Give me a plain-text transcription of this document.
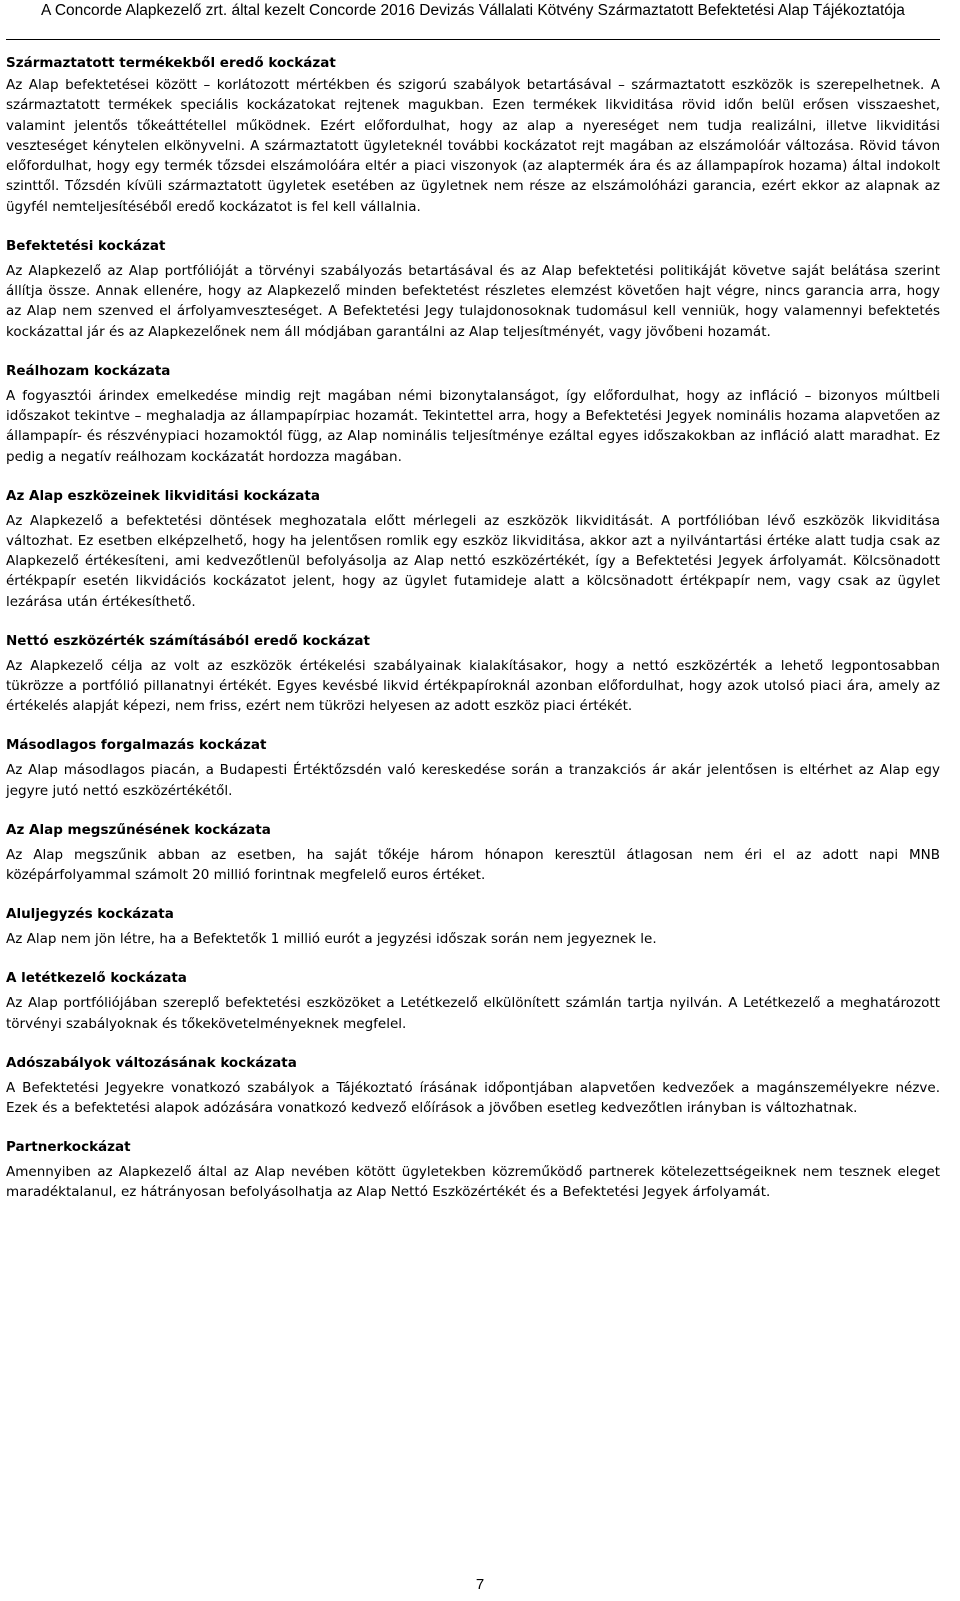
A Concorde Alapkezelő zrt. által kezelt Concorde 2016 Devizás Vállalati Kötvény Származtatott Befektetési Alap Tájékoztatója
Származtatott termékekből eredő kockázat

Az Alap befektetései között – korlátozott mértékben és szigorú szabályok betartásával – származtatott eszközök is szerepelhetnek. A származtatott termékek speciális kockázatokat rejtenek magukban. Ezen termékek likviditása rövid időn belül erősen visszaeshet, valamint jelentős tőkeáttétellel működnek. Ezért előfordulhat, hogy az alap a nyereséget nem tudja realizálni, illetve likviditási veszteséget kénytelen elkönyvelni. A származtatott ügyleteknél további kockázatot rejt magában az elszámolóár változása. Rövid távon előfordulhat, hogy egy termék tőzsdei elszámolóára eltér a piaci viszonyok (az alaptermék ára és az állampapírok hozama) által indokolt szinttől. Tőzsdén kívüli származtatott ügyletek esetében az ügyletnek nem része az elszámolóházi garancia, ezért ekkor az alapnak az ügyfél nemteljesítéséből eredő kockázatot is fel kell vállalnia.

Befektetési kockázat

Az Alapkezelő az Alap portfólióját a törvényi szabályozás betartásával és az Alap befektetési politikáját követve saját belátása szerint állítja össze. Annak ellenére, hogy az Alapkezelő minden befektetést részletes elemzést követően hajt végre, nincs garancia arra, hogy az Alap nem szenved el árfolyamveszteséget. A Befektetési Jegy tulajdonosoknak tudomásul kell venniük, hogy valamennyi befektetés kockázattal jár és az Alapkezelőnek nem áll módjában garantálni az Alap teljesítményét, vagy jövőbeni hozamát.

Reálhozam kockázata

A fogyasztói árindex emelkedése mindig rejt magában némi bizonytalanságot, így előfordulhat, hogy az infláció – bizonyos múltbeli időszakot tekintve – meghaladja az állampapírpiac hozamát. Tekintettel arra, hogy a Befektetési Jegyek nominális hozama alapvetően az állampapír- és részvénypiaci hozamoktól függ, az Alap nominális teljesítménye ezáltal egyes időszakokban az infláció alatt maradhat. Ez pedig a negatív reálhozam kockázatát hordozza magában.

Az Alap eszközeinek likviditási kockázata

Az Alapkezelő a befektetési döntések meghozatala előtt mérlegeli az eszközök likviditását. A portfólióban lévő eszközök likviditása változhat. Ez esetben elképzelhető, hogy ha jelentősen romlik egy eszköz likviditása, akkor azt a nyilvántartási értéke alatt tudja csak az Alapkezelő értékesíteni, ami kedvezőtlenül befolyásolja az Alap nettó eszközértékét, így a Befektetési Jegyek árfolyamát. Kölcsönadott értékpapír esetén likvidációs kockázatot jelent, hogy az ügylet futamideje alatt a kölcsönadott értékpapír nem, vagy csak az ügylet lezárása után értékesíthető.

Nettó eszközérték számításából eredő kockázat

Az Alapkezelő célja az volt az eszközök értékelési szabályainak kialakításakor, hogy a nettó eszközérték a lehető legpontosabban tükrözze a portfólió pillanatnyi értékét. Egyes kevésbé likvid értékpapíroknál azonban előfordulhat, hogy azok utolsó piaci ára, amely az értékelés alapját képezi, nem friss, ezért nem tükrözi helyesen az adott eszköz piaci értékét.

Másodlagos forgalmazás kockázat

Az Alap másodlagos piacán, a Budapesti Értéktőzsdén való kereskedése során a tranzakciós ár akár jelentősen is eltérhet az Alap egy jegyre jutó nettó eszközértékétől.

Az Alap megszűnésének kockázata

Az Alap megszűnik abban az esetben, ha saját tőkéje három hónapon keresztül átlagosan nem éri el az adott napi MNB középárfolyammal számolt 20 millió forintnak megfelelő euros értéket.

Aluljegyzés kockázata

Az Alap nem jön létre, ha a Befektetők 1 millió eurót a jegyzési időszak során nem jegyeznek le.

A letétkezelő kockázata

Az Alap portfóliójában szereplő befektetési eszközöket a Letétkezelő elkülönített számlán tartja nyilván. A Letétkezelő a meghatározott törvényi szabályoknak és tőkekövetelményeknek megfelel.

Adószabályok változásának kockázata

A Befektetési Jegyekre vonatkozó szabályok a Tájékoztató írásának időpontjában alapvetően kedvezőek a magánszemélyekre nézve. Ezek és a befektetési alapok adózására vonatkozó kedvező előírások a jövőben esetleg kedvezőtlen irányban is változhatnak.

Partnerkockázat

Amennyiben az Alapkezelő által az Alap nevében kötött ügyletekben közreműködő partnerek kötelezettségeiknek nem tesznek eleget maradéktalanul, ez hátrányosan befolyásolhatja az Alap Nettó Eszközértékét és a Befektetési Jegyek árfolyamát.

7
